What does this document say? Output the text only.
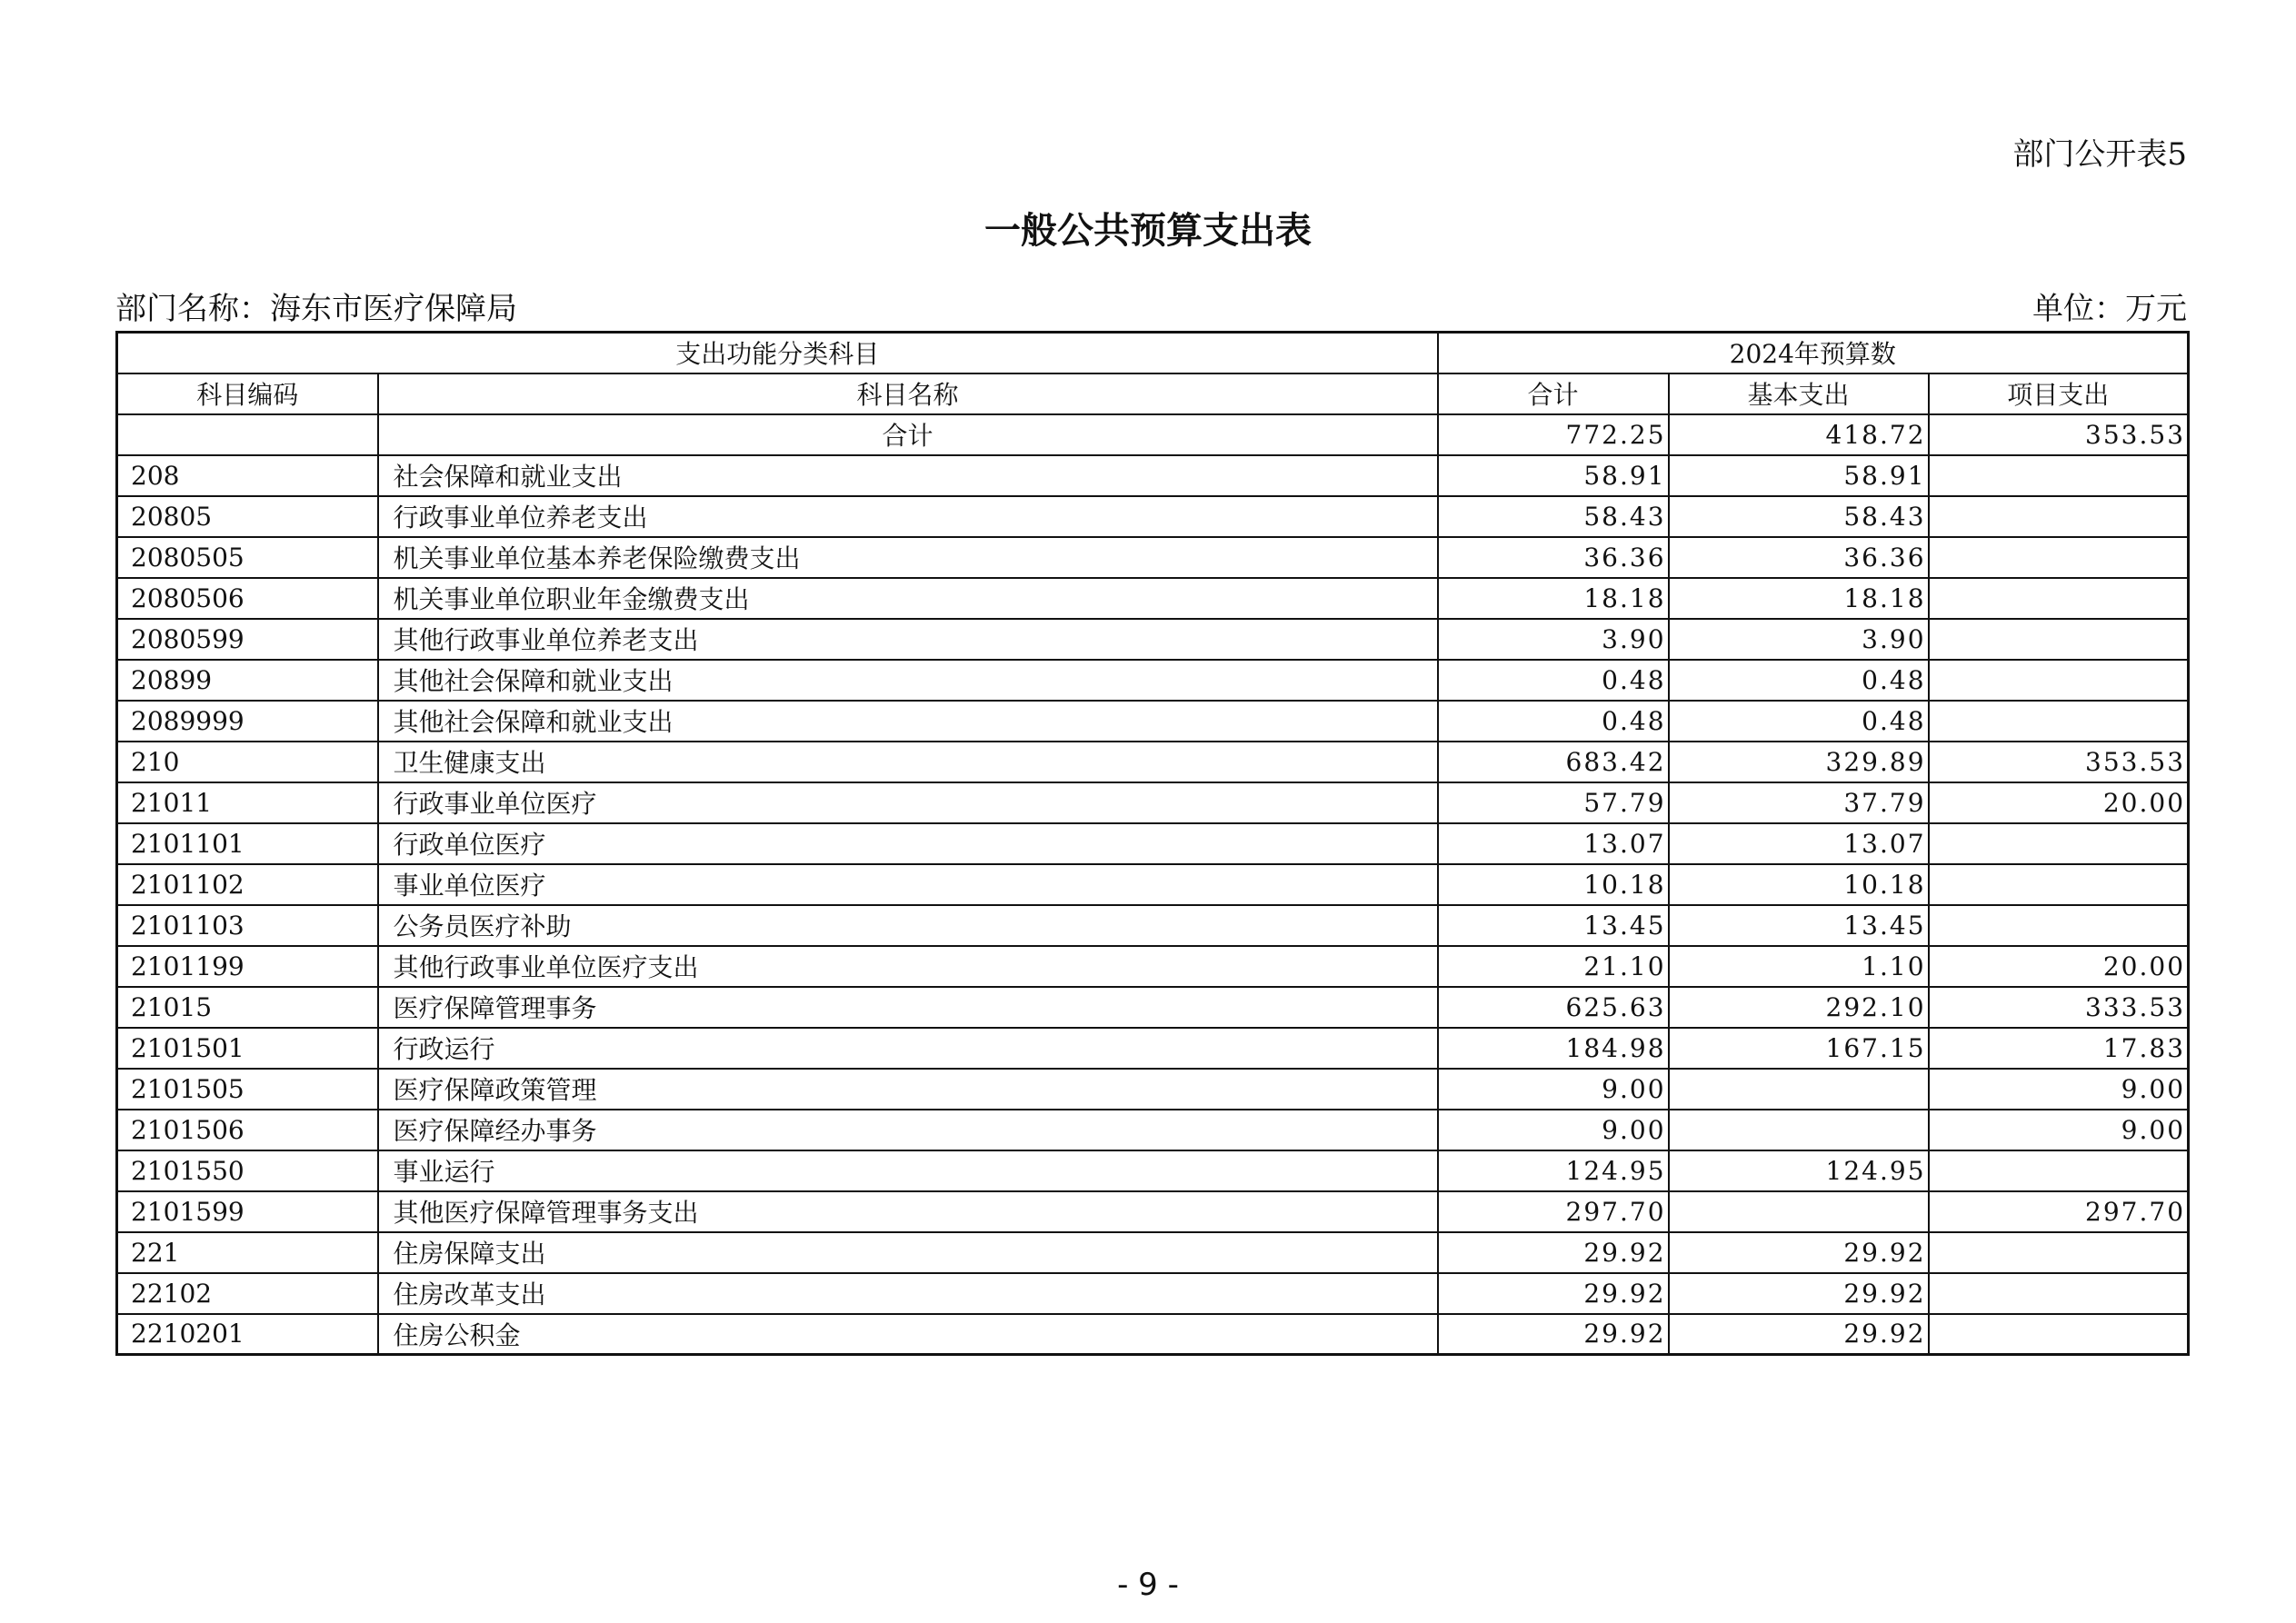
部门公开表5
一般公共预算支出表
部门名称：海东市医疗保障局	单位：万元
支出功能分类科目		2024年预算数		
科目编码	科目名称	合计	基本支出	项目支出
	合计	772.25	418.72	353.53
208	社会保障和就业支出	58.91	58.91	
20805	行政事业单位养老支出	58.43	58.43	
2080505	机关事业单位基本养老保险缴费支出	36.36	36.36	
2080506	机关事业单位职业年金缴费支出	18.18	18.18	
2080599	其他行政事业单位养老支出	3.90	3.90	
20899	其他社会保障和就业支出	0.48	0.48	
2089999	其他社会保障和就业支出	0.48	0.48	
210	卫生健康支出	683.42	329.89	353.53
21011	行政事业单位医疗	57.79	37.79	20.00
2101101	行政单位医疗	13.07	13.07	
2101102	事业单位医疗	10.18	10.18	
2101103	公务员医疗补助	13.45	13.45	
2101199	其他行政事业单位医疗支出	21.10	1.10	20.00
21015	医疗保障管理事务	625.63	292.10	333.53
2101501	行政运行	184.98	167.15	17.83
2101505	医疗保障政策管理	9.00		9.00
2101506	医疗保障经办事务	9.00		9.00
2101550	事业运行	124.95	124.95	
2101599	其他医疗保障管理事务支出	297.70		297.70
221	住房保障支出	29.92	29.92	
22102	住房改革支出	29.92	29.92	
2210201	住房公积金	29.92	29.92	
- 9 -
